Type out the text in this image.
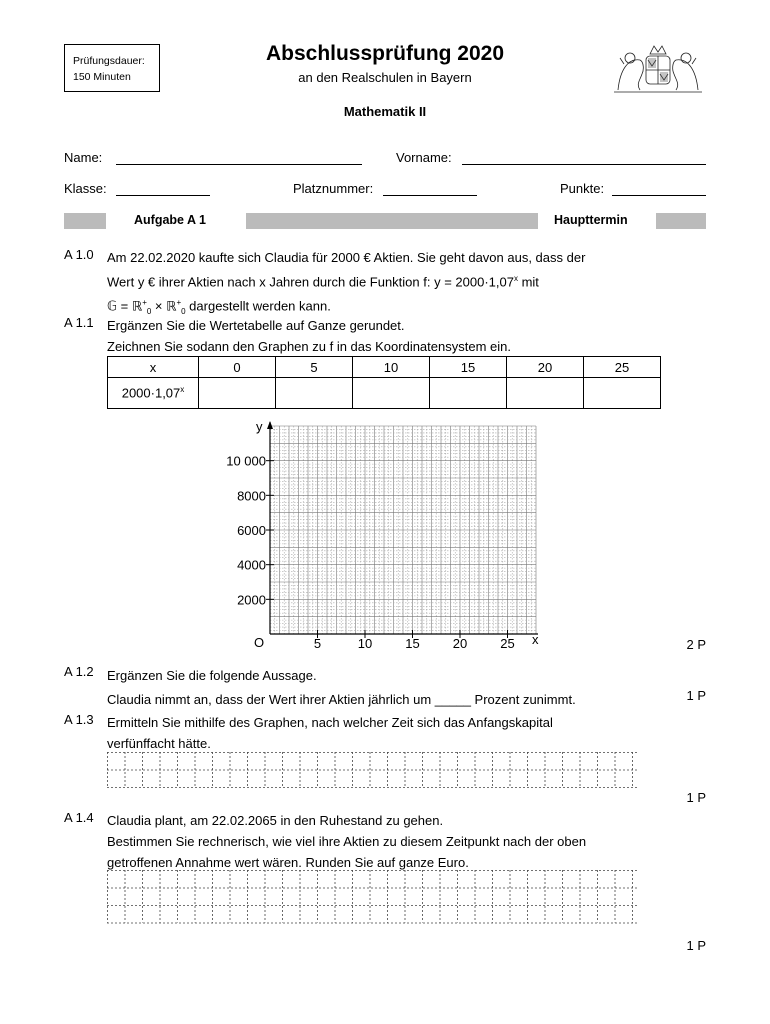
Prüfungsdauer:
150 Minuten
Abschlussprüfung 2020
an den Realschulen in Bayern
Mathematik II
Name:	Vorname:
Klasse:	Platznummer:	Punkte:
Aufgabe A 1	Haupttermin
A 1.0 Am 22.02.2020 kaufte sich Claudia für 2000 € Aktien. Sie geht davon aus, dass der
Wert y € ihrer Aktien nach x Jahren durch die Funktion f: $y = 2000\cdot 1,07^x$ mit
𝔾 = ℝ+$_0$ × ℝ+$_0$ dargestellt werden kann.
A 1.1 Ergänzen Sie die Wertetabelle auf Ganze gerundet.
Zeichnen Sie sodann den Graphen zu f in das Koordinatensystem ein.
x	0	5	10	15	20	25
$2000\cdot 1,07^x$						
2000
4000
6000
8000
10 000
5	10	15	20	25
y
x
O	2 P
A 1.2 Ergänzen Sie die folgende Aussage.
Claudia nimmt an, dass der Wert ihrer Aktien jährlich um _____ Prozent zunimmt.	1 P
A 1.3 Ermitteln Sie mithilfe des Graphen, nach welcher Zeit sich das Anfangskapital
verfünffacht hätte.
1 P
A 1.4 Claudia plant, am 22.02.2065 in den Ruhestand zu gehen.
Bestimmen Sie rechnerisch, wie viel ihre Aktien zu diesem Zeitpunkt nach der oben
getroffenen Annahme wert wären. Runden Sie auf ganze Euro.
1 P
